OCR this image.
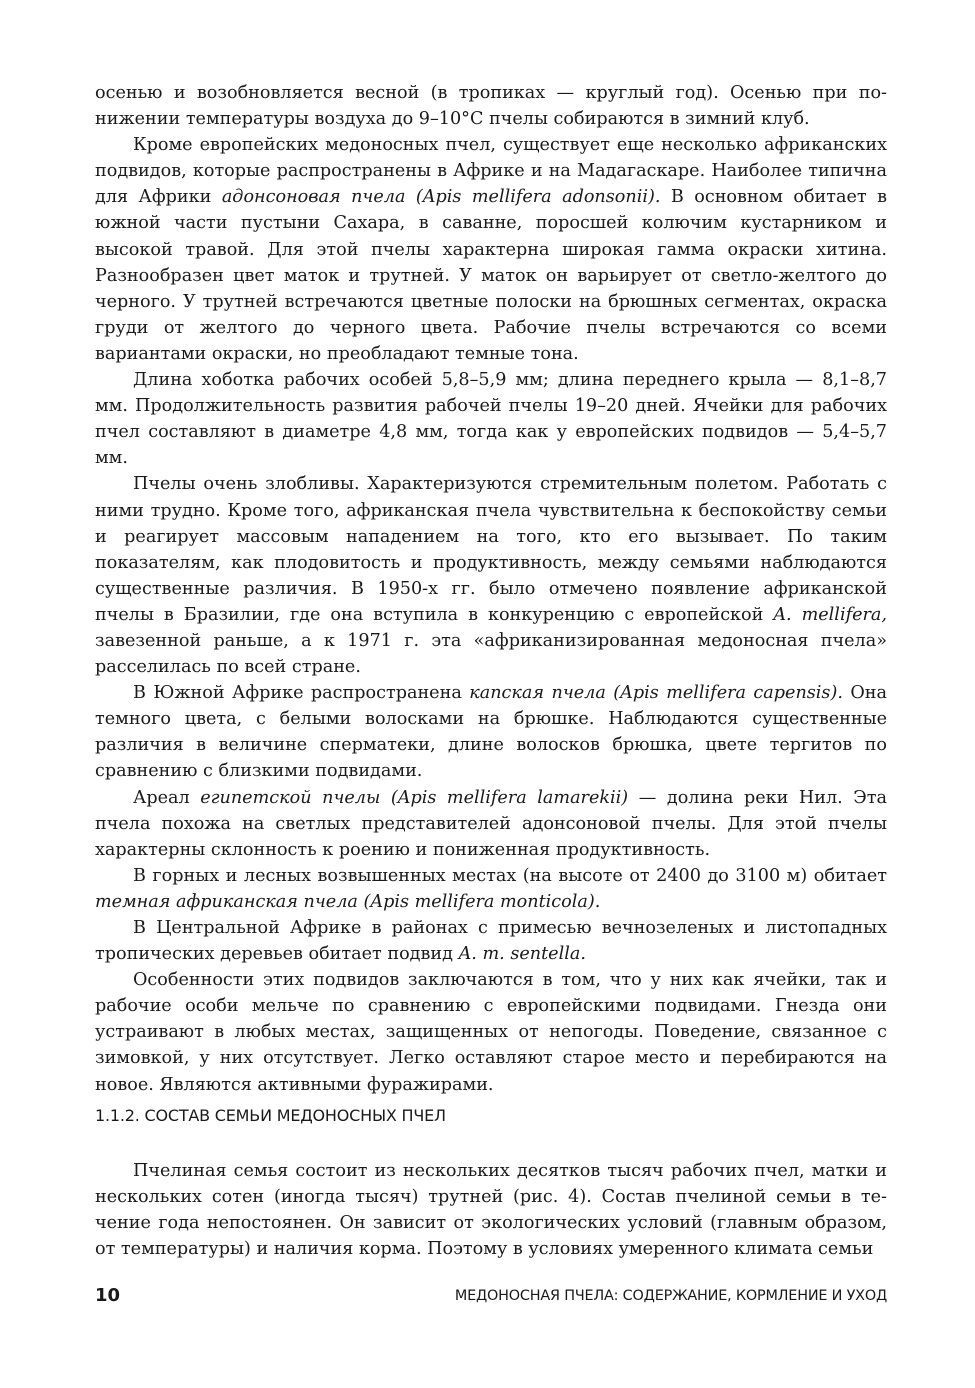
осенью и возобновляется весной (в тропиках — круглый год). Осенью при понижении температуры воздуха до 9–10°С пчелы собираются в зимний клуб.

Кроме европейских медоносных пчел, существует еще несколько африканских подвидов, которые распространены в Африке и на Мадагаскаре. Наиболее типична для Африки адонсоновая пчела (Apis mellifera adonsonii). В основном обитает в южной части пустыни Сахара, в саванне, поросшей колючим кустарником и высокой травой. Для этой пчелы характерна широкая гамма окраски хитина. Разнообразен цвет маток и трутней. У маток он варьирует от светло-желтого до черного. У трутней встречаются цветные полоски на брюшных сегментах, окраска груди от желтого до черного цвета. Рабочие пчелы встречаются со всеми вариантами окраски, но преобладают темные тона.

Длина хоботка рабочих особей 5,8–5,9 мм; длина переднего крыла — 8,1–8,7 мм. Продолжительность развития рабочей пчелы 19–20 дней. Ячейки для рабочих пчел составляют в диаметре 4,8 мм, тогда как у европейских подвидов — 5,4–5,7 мм.

Пчелы очень злобливы. Характеризуются стремительным полетом. Работать с ними трудно. Кроме того, африканская пчела чувствительна к беспокойству семьи и реагирует массовым нападением на того, кто его вызывает. По таким показателям, как плодовитость и продуктивность, между семьями наблюдаются существенные различия. В 1950-х гг. было отмечено появление африканской пчелы в Бразилии, где она вступила в конкуренцию с европейской A. mellifera, завезенной раньше, а к 1971 г. эта «африканизированная медоносная пчела» расселилась по всей стране.

В Южной Африке распространена капская пчела (Apis mellifera capensis). Она темного цвета, с белыми волосками на брюшке. Наблюдаются существенные различия в величине сперматеки, длине волосков брюшка, цвете тергитов по сравнению с близкими подвидами.

Ареал египетской пчелы (Apis mellifera lamarekii) — долина реки Нил. Эта пчела похожа на светлых представителей адонсоновой пчелы. Для этой пчелы характерны склонность к роению и пониженная продуктивность.

В горных и лесных возвышенных местах (на высоте от 2400 до 3100 м) обитает темная африканская пчела (Apis mellifera monticola).

В Центральной Африке в районах с примесью вечнозеленых и листопадных тропических деревьев обитает подвид A. m. sentella.

Особенности этих подвидов заключаются в том, что у них как ячейки, так и рабочие особи мельче по сравнению с европейскими подвидами. Гнезда они устраивают в любых местах, защищенных от непогоды. Поведение, связанное с зимовкой, у них отсутствует. Легко оставляют старое место и перебираются на новое. Являются активными фуражирами.

1.1.2. СОСТАВ СЕМЬИ МЕДОНОСНЫХ ПЧЕЛ

Пчелиная семья состоит из нескольких десятков тысяч рабочих пчел, матки и нескольких сотен (иногда тысяч) трутней (рис. 4). Состав пчелиной семьи в течение года непостоянен. Он зависит от экологических условий (главным образом, от температуры) и наличия корма. Поэтому в условиях умеренного климата семьи

10	МЕДОНОСНАЯ ПЧЕЛА: СОДЕРЖАНИЕ, КОРМЛЕНИЕ И УХОД
